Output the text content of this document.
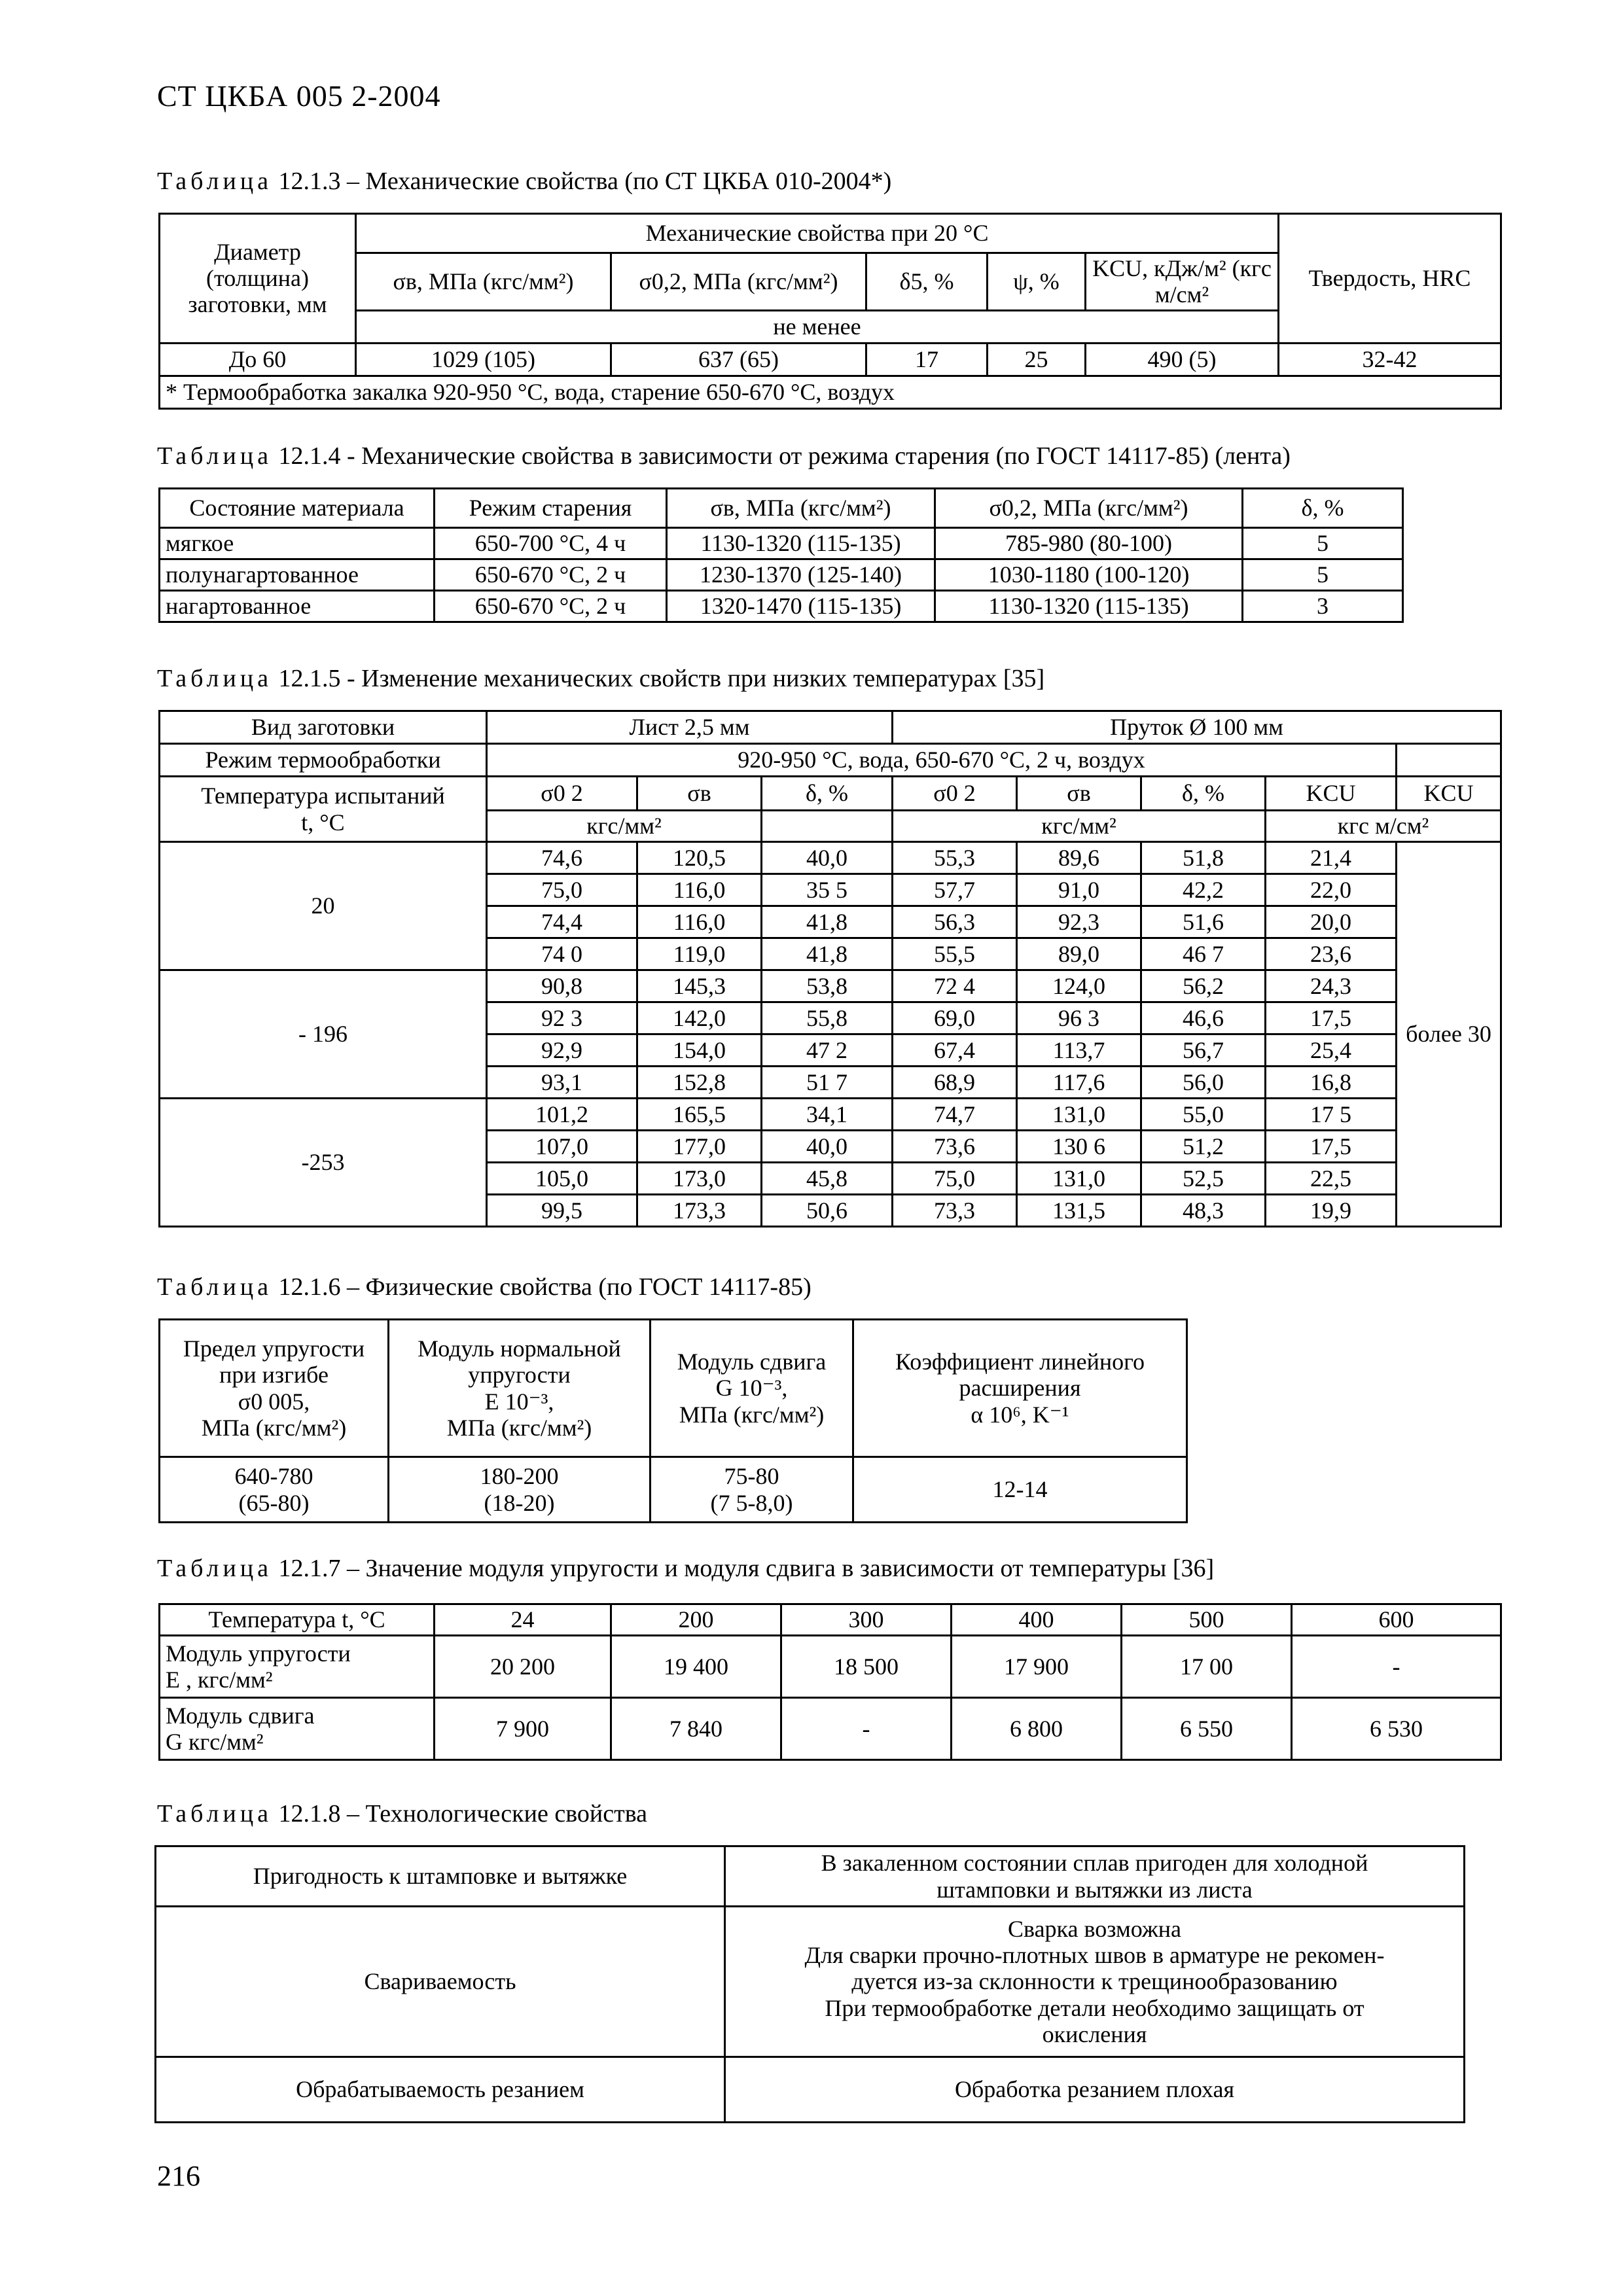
СТ ЦКБА 005 2-2004
Таблица 12.1.3 – Механические свойства (по СТ ЦКБА 010-2004*)
Диаметр (толщина) заготовки, мм	Механические свойства при 20 °С					Твердость, HRC
	σв, МПа (кгс/мм²)	σ0,2, МПа (кгс/мм²)	δ5, %	ψ, %	KCU, кДж/м² (кгс м/см²	
	не менее					
До 60	1029 (105)	637 (65)	17	25	490 (5)	32-42
* Термообработка закалка 920-950 °С, вода, старение 650-670 °С, воздух						
Таблица 12.1.4 - Механические свойства в зависимости от режима старения (по ГОСТ 14117-85) (лента)
Состояние материала	Режим старения	σв, МПа (кгс/мм²)	σ0,2, МПа (кгс/мм²)	δ, %
мягкое	650-700 °С, 4 ч	1130-1320 (115-135)	785-980 (80-100)	5
полунагартованное	650-670 °С, 2 ч	1230-1370 (125-140)	1030-1180 (100-120)	5
нагартованное	650-670 °С, 2 ч	1320-1470 (115-135)	1130-1320 (115-135)	3
Таблица 12.1.5 - Изменение механических свойств при низких температурах [35]
Вид заготовки	Лист 2,5 мм			Пруток Ø 100 мм				
Режим термообработки	920-950 °С, вода, 650-670 °С, 2 ч, воздух							

Температура испытаний
t, °С	σ0 2	σв	δ, %	σ0 2	σв	δ, %	KCU	KCU
	кгс/мм²			кгс/мм²			кгс м/см²	
20	74,6	120,5	40,0	55,3	89,6	51,8	21,4	более 30
	75,0	116,0	35 5	57,7	91,0	42,2	22,0	
	74,4	116,0	41,8	56,3	92,3	51,6	20,0	
	74 0	119,0	41,8	55,5	89,0	46 7	23,6	
- 196	90,8	145,3	53,8	72 4	124,0	56,2	24,3	
	92 3	142,0	55,8	69,0	96 3	46,6	17,5	
	92,9	154,0	47 2	67,4	113,7	56,7	25,4	
	93,1	152,8	51 7	68,9	117,6	56,0	16,8	
-253	101,2	165,5	34,1	74,7	131,0	55,0	17 5	
	107,0	177,0	40,0	73,6	130 6	51,2	17,5	
	105,0	173,0	45,8	75,0	131,0	52,5	22,5	
	99,5	173,3	50,6	73,3	131,5	48,3	19,9	
Таблица 12.1.6 – Физические свойства (по ГОСТ 14117-85)
Предел упругости
при изгибе
σ0 005,
МПа (кгс/мм²)	Модуль нормальной
упругости
E 10⁻³,
МПа (кгс/мм²)	Модуль сдвига
G 10⁻³,
МПа (кгс/мм²)	Коэффициент линейного
расширения
α 10⁶, K⁻¹

640-780
(65-80)	180-200
(18-20)	75-80
(7 5-8,0)	12-14
Таблица 12.1.7 – Значение модуля упругости и модуля сдвига в зависимости от температуры [36]
Температура t, °С	24	200	300	400	500	600

Модуль упругости
E , кгс/мм²	20 200	19 400	18 500	17 900	17 00	-

Модуль сдвига
G кгс/мм²	7 900	7 840	-	6 800	6 550	6 530
Таблица 12.1.8 – Технологические свойства
Пригодность к штамповке и вытяжке	В закаленном состоянии сплав пригоден для холодной
штамповки и вытяжки из листа

Свариваемость	Сварка возможна
Для сварки прочно-плотных швов в арматуре не рекомен-
дуется из-за склонности к трещинообразованию
При термообработке детали необходимо защищать от
окисления

Обрабатываемость резанием	Обработка резанием плохая
216
